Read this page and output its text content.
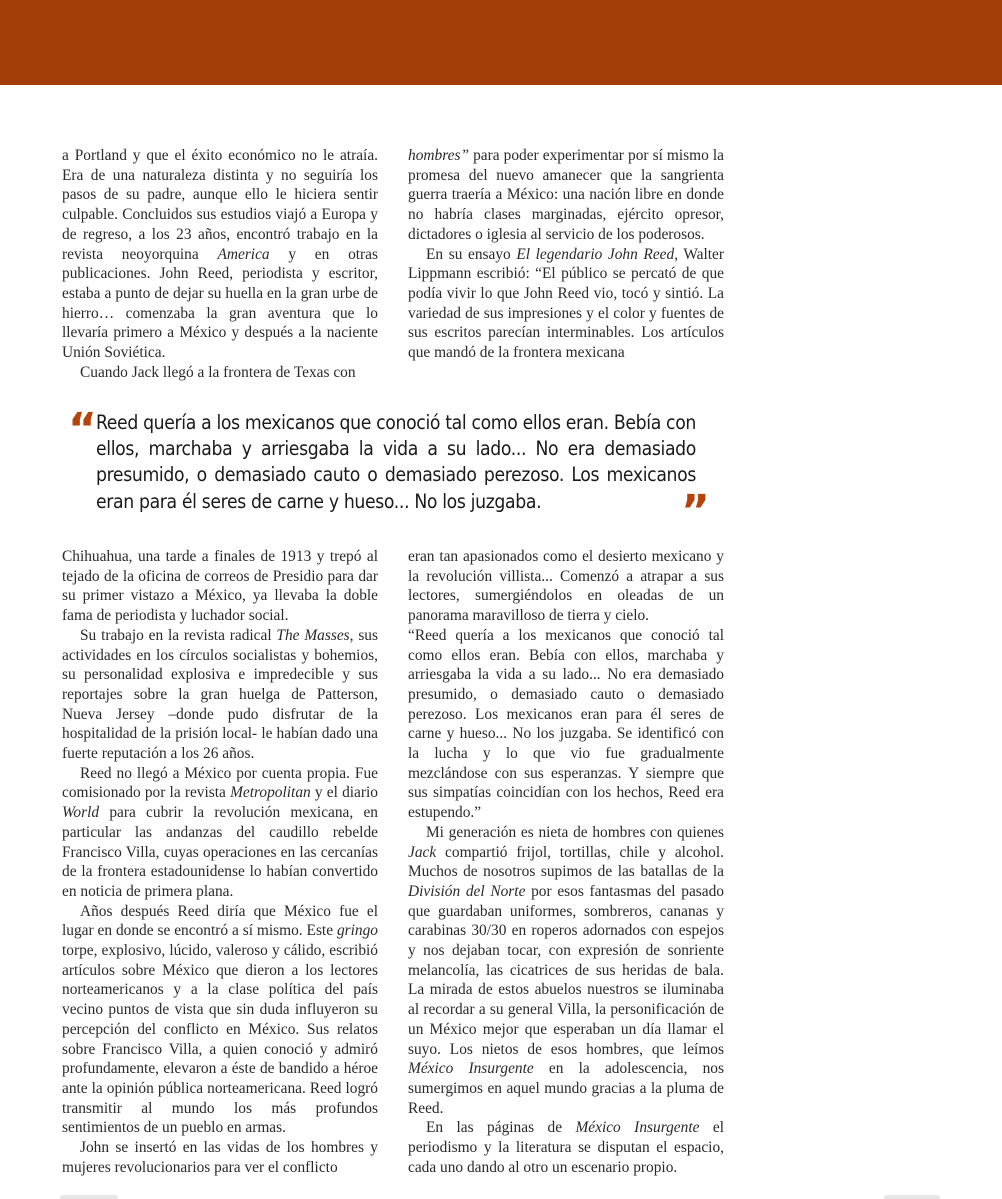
a Portland y que el éxito económico no le atraía. Era de una naturaleza distinta y no seguiría los pasos de su padre, aunque ello le hiciera sentir culpable. Concluidos sus estudios viajó a Europa y de regreso, a los 23 años, encontró trabajo en la revista neoyorquina America y en otras publicaciones. John Reed, periodista y escritor, estaba a punto de dejar su huella en la gran urbe de hierro… comenzaba la gran aventura que lo llevaría primero a México y después a la naciente Unión Soviética.

Cuando Jack llegó a la frontera de Texas con

hombres” para poder experimentar por sí mismo la promesa del nuevo amanecer que la sangrienta guerra traería a México: una nación libre en donde no habría clases marginadas, ejército opresor, dictadores o iglesia al servicio de los poderosos.

En su ensayo El legendario John Reed, Walter Lippmann escribió: “El público se percató de que podía vivir lo que John Reed vio, tocó y sintió. La variedad de sus impresiones y el color y fuentes de sus escritos parecían interminables. Los artículos que mandó de la frontera mexicana

“ Reed quería a los mexicanos que conoció tal como ellos eran. Bebía con ellos, marchaba y arriesgaba la vida a su lado... No era demasiado presumido, o demasiado cauto o demasiado perezoso. Los mexicanos eran para él seres de carne y hueso... No los juzgaba.	”

Chihuahua, una tarde a finales de 1913 y trepó al tejado de la oficina de correos de Presidio para dar su primer vistazo a México, ya llevaba la doble fama de periodista y luchador social.

Su trabajo en la revista radical The Masses, sus actividades en los círculos socialistas y bohemios, su personalidad explosiva e impredecible y sus reportajes sobre la gran huelga de Patterson, Nueva Jersey –donde pudo disfrutar de la hospitalidad de la prisión local- le habían dado una fuerte reputación a los 26 años.

Reed no llegó a México por cuenta propia. Fue comisionado por la revista Metropolitan y el diario World para cubrir la revolución mexicana, en particular las andanzas del caudillo rebelde Francisco Villa, cuyas operaciones en las cercanías de la frontera estadounidense lo habían convertido en noticia de primera plana.

Años después Reed diría que México fue el lugar en donde se encontró a sí mismo. Este gringo torpe, explosivo, lúcido, valeroso y cálido, escribió artículos sobre México que dieron a los lectores norteamericanos y a la clase política del país vecino puntos de vista que sin duda influyeron su percepción del conflicto en México. Sus relatos sobre Francisco Villa, a quien conoció y admiró profundamente, elevaron a éste de bandido a héroe ante la opinión pública norteamericana. Reed logró transmitir al mundo los más profundos sentimientos de un pueblo en armas.

John se insertó en las vidas de los hombres y mujeres revolucionarios para ver el conflicto

eran tan apasionados como el desierto mexicano y la revolución villista... Comenzó a atrapar a sus lectores, sumergiéndolos en oleadas de un panorama maravilloso de tierra y cielo.

“Reed quería a los mexicanos que conoció tal como ellos eran. Bebía con ellos, marchaba y arriesgaba la vida a su lado... No era demasiado presumido, o demasiado cauto o demasiado perezoso. Los mexicanos eran para él seres de carne y hueso... No los juzgaba. Se identificó con la lucha y lo que vio fue gradualmente mezclándose con sus esperanzas. Y siempre que sus simpatías coincidían con los hechos, Reed era estupendo.”

Mi generación es nieta de hombres con quienes Jack compartió frijol, tortillas, chile y alcohol. Muchos de nosotros supimos de las batallas de la División del Norte por esos fantasmas del pasado que guardaban uniformes, sombreros, cananas y carabinas 30/30 en roperos adornados con espejos y nos dejaban tocar, con expresión de sonriente melancolía, las cicatrices de sus heridas de bala. La mirada de estos abuelos nuestros se iluminaba al recordar a su general Villa, la personificación de un México mejor que esperaban un día llamar el suyo. Los nietos de esos hombres, que leímos México Insurgente en la adolescencia, nos sumergimos en aquel mundo gracias a la pluma de Reed.

En las páginas de México Insurgente el periodismo y la literatura se disputan el espacio, cada uno dando al otro un escenario propio.
